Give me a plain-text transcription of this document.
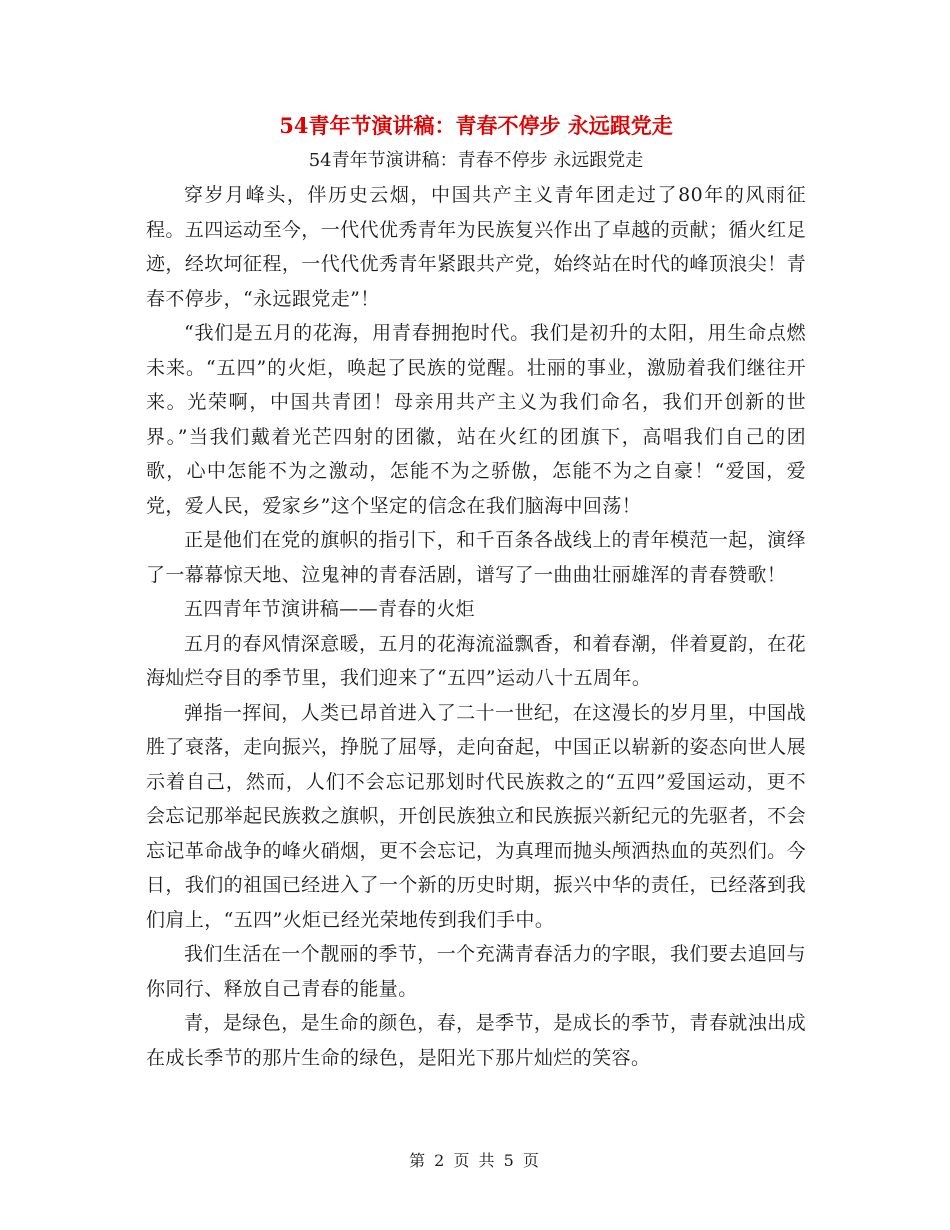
54青年节演讲稿：青春不停步 永远跟党走
54青年节演讲稿：青春不停步 永远跟党走

穿岁月峰头，伴历史云烟，中国共产主义青年团走过了80年的风雨征程。五四运动至今，一代代优秀青年为民族复兴作出了卓越的贡献；循火红足迹，经坎坷征程，一代代优秀青年紧跟共产党，始终站在时代的峰顶浪尖！青春不停步，“永远跟党走”！

“我们是五月的花海，用青春拥抱时代。我们是初升的太阳，用生命点燃未来。“五四”的火炬，唤起了民族的觉醒。壮丽的事业，激励着我们继往开来。光荣啊，中国共青团！母亲用共产主义为我们命名，我们开创新的世界。”当我们戴着光芒四射的团徽，站在火红的团旗下，高唱我们自己的团歌，心中怎能不为之激动，怎能不为之骄傲，怎能不为之自豪！“爱国，爱党，爱人民，爱家乡”这个坚定的信念在我们脑海中回荡！

正是他们在党的旗帜的指引下，和千百条各战线上的青年模范一起，演绎了一幕幕惊天地、泣鬼神的青春活剧，谱写了一曲曲壮丽雄浑的青春赞歌！

五四青年节演讲稿——青春的火炬

五月的春风情深意暖，五月的花海流溢飘香，和着春潮，伴着夏韵，在花海灿烂夺目的季节里，我们迎来了“五四”运动八十五周年。

弹指一挥间，人类已昂首进入了二十一世纪，在这漫长的岁月里，中国战胜了衰落，走向振兴，挣脱了屈辱，走向奋起，中国正以崭新的姿态向世人展示着自己，然而，人们不会忘记那划时代民族救之的“五四”爱国运动，更不会忘记那举起民族救之旗帜，开创民族独立和民族振兴新纪元的先驱者，不会忘记革命战争的峰火硝烟，更不会忘记，为真理而抛头颅洒热血的英烈们。今日，我们的祖国已经进入了一个新的历史时期，振兴中华的责任，已经落到我们肩上，“五四”火炬已经光荣地传到我们手中。

我们生活在一个靓丽的季节，一个充满青春活力的字眼，我们要去追回与你同行、释放自己青春的能量。

青，是绿色，是生命的颜色，春，是季节，是成长的季节，青春就浊出成在成长季节的那片生命的绿色，是阳光下那片灿烂的笑容。

第 2 页 共 5 页
